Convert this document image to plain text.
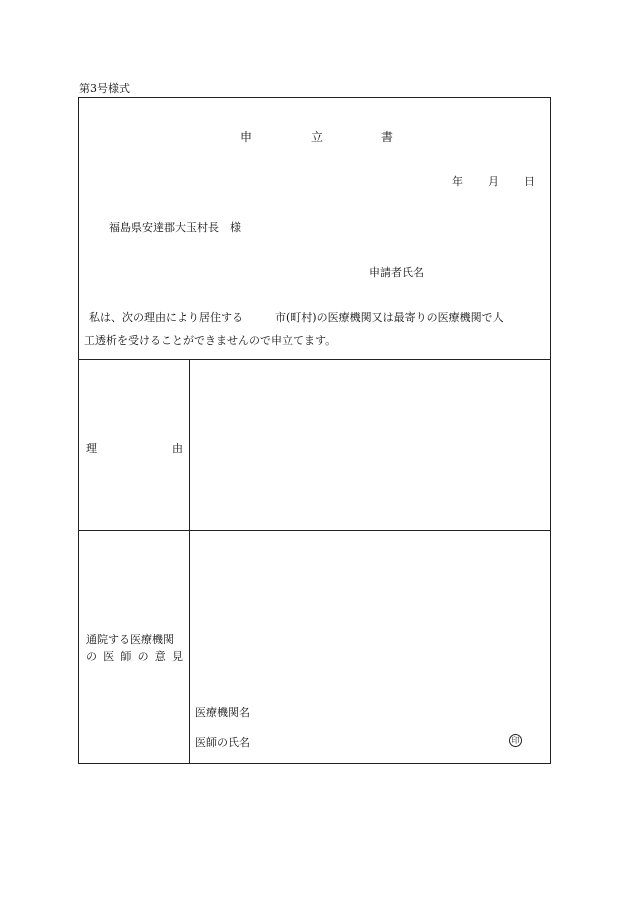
第3号様式
申	立	書
年 月 日
福島県安達郡大玉村長　様
申請者氏名
私は、次の理由により居住する	市(町村)の医療機関又は最寄りの医療機関で人
工透析を受けることができませんので申立てます。
理	由
通院する医療機関
の 医 師 の 意 見
医療機関名
医師の氏名	印
